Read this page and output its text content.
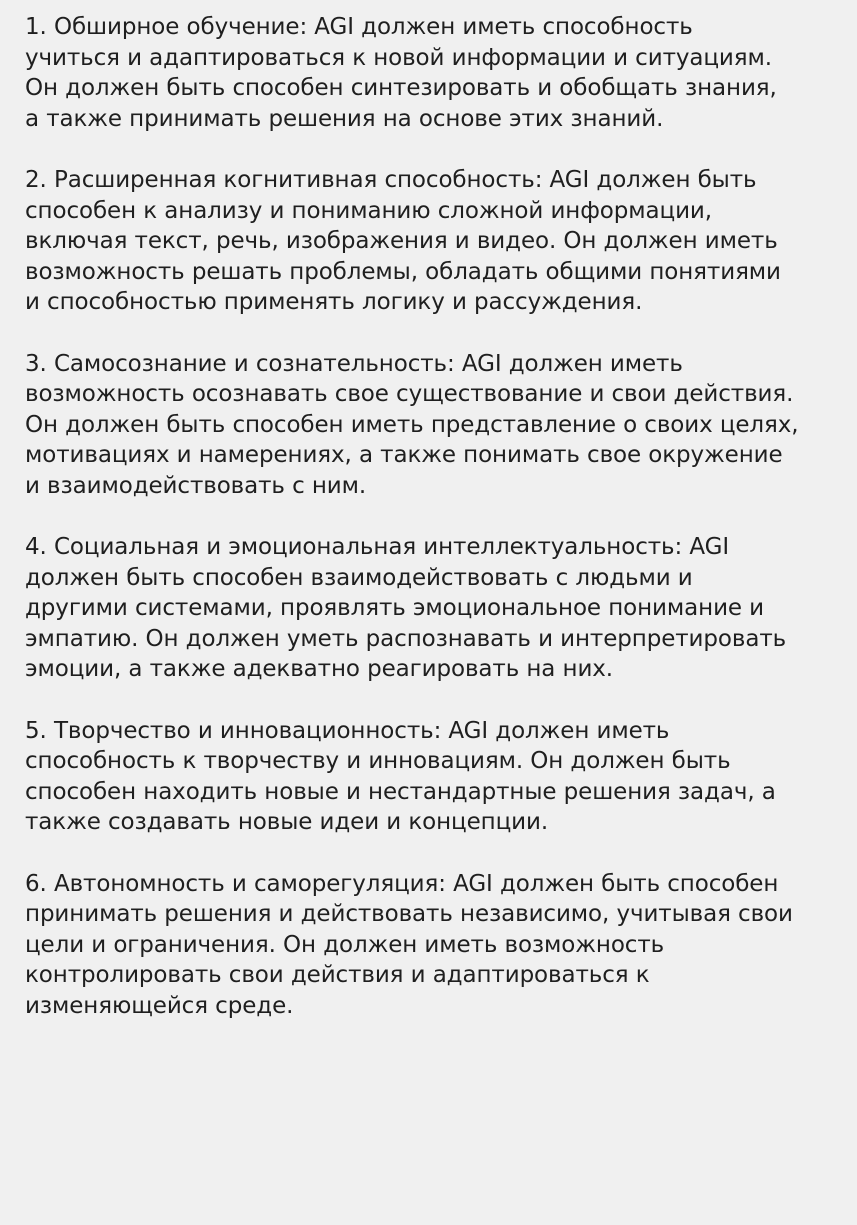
1. Обширное обучение: AGI должен иметь способность
учиться и адаптироваться к новой информации и ситуациям.
Он должен быть способен синтезировать и обобщать знания,
а также принимать решения на основе этих знаний.

2. Расширенная когнитивная способность: AGI должен быть
способен к анализу и пониманию сложной информации,
включая текст, речь, изображения и видео. Он должен иметь
возможность решать проблемы, обладать общими понятиями
и способностью применять логику и рассуждения.

3. Самосознание и сознательность: AGI должен иметь
возможность осознавать свое существование и свои действия.
Он должен быть способен иметь представление о своих целях,
мотивациях и намерениях, а также понимать свое окружение
и взаимодействовать с ним.

4. Социальная и эмоциональная интеллектуальность: AGI
должен быть способен взаимодействовать с людьми и
другими системами, проявлять эмоциональное понимание и
эмпатию. Он должен уметь распознавать и интерпретировать
эмоции, а также адекватно реагировать на них.

5. Творчество и инновационность: AGI должен иметь
способность к творчеству и инновациям. Он должен быть
способен находить новые и нестандартные решения задач, а
также создавать новые идеи и концепции.

6. Автономность и саморегуляция: AGI должен быть способен
принимать решения и действовать независимо, учитывая свои
цели и ограничения. Он должен иметь возможность
контролировать свои действия и адаптироваться к
изменяющейся среде.
